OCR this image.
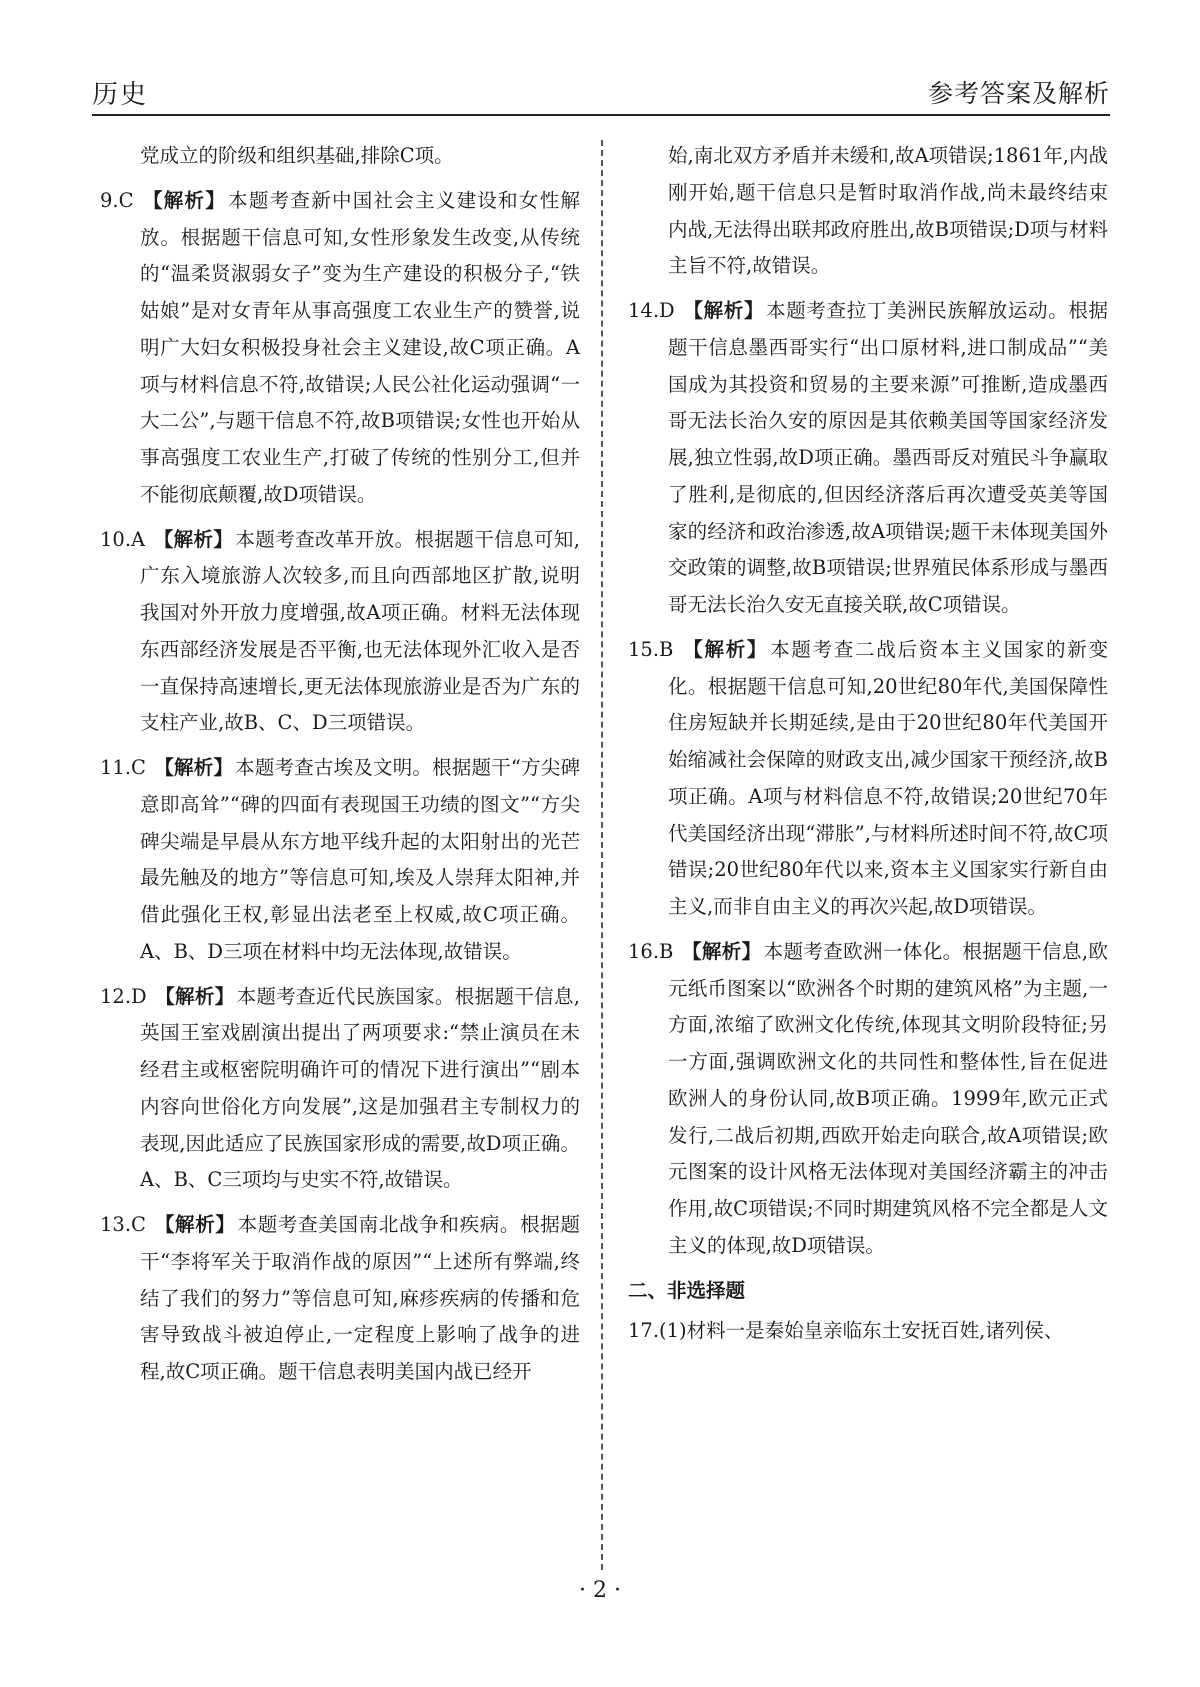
历史	参考答案及解析

党成立的阶级和组织基础,排除C项。

9.C 【解析】 本题考查新中国社会主义建设和女性解放。根据题干信息可知,女性形象发生改变,从传统的“温柔贤淑弱女子”变为生产建设的积极分子,“铁姑娘”是对女青年从事高强度工农业生产的赞誉,说明广大妇女积极投身社会主义建设,故C项正确。A项与材料信息不符,故错误;人民公社化运动强调“一大二公”,与题干信息不符,故B项错误;女性也开始从事高强度工农业生产,打破了传统的性别分工,但并不能彻底颠覆,故D项错误。

10.A 【解析】 本题考查改革开放。根据题干信息可知,广东入境旅游人次较多,而且向西部地区扩散,说明我国对外开放力度增强,故A项正确。材料无法体现东西部经济发展是否平衡,也无法体现外汇收入是否一直保持高速增长,更无法体现旅游业是否为广东的支柱产业,故B、C、D三项错误。

11.C 【解析】 本题考查古埃及文明。根据题干“方尖碑意即高耸”“碑的四面有表现国王功绩的图文”“方尖碑尖端是早晨从东方地平线升起的太阳射出的光芒最先触及的地方”等信息可知,埃及人崇拜太阳神,并借此强化王权,彰显出法老至上权威,故C项正确。A、B、D三项在材料中均无法体现,故错误。

12.D 【解析】 本题考查近代民族国家。根据题干信息,英国王室戏剧演出提出了两项要求:“禁止演员在未经君主或枢密院明确许可的情况下进行演出”“剧本内容向世俗化方向发展”,这是加强君主专制权力的表现,因此适应了民族国家形成的需要,故D项正确。A、B、C三项均与史实不符,故错误。

13.C 【解析】 本题考查美国南北战争和疾病。根据题干“李将军关于取消作战的原因”“上述所有弊端,终结了我们的努力”等信息可知,麻疹疾病的传播和危害导致战斗被迫停止,一定程度上影响了战争的进程,故C项正确。题干信息表明美国内战已经开

始,南北双方矛盾并未缓和,故A项错误;1861年,内战刚开始,题干信息只是暂时取消作战,尚未最终结束内战,无法得出联邦政府胜出,故B项错误;D项与材料主旨不符,故错误。

14.D 【解析】 本题考查拉丁美洲民族解放运动。根据题干信息墨西哥实行“出口原材料,进口制成品”“美国成为其投资和贸易的主要来源”可推断,造成墨西哥无法长治久安的原因是其依赖美国等国家经济发展,独立性弱,故D项正确。墨西哥反对殖民斗争赢取了胜利,是彻底的,但因经济落后再次遭受英美等国家的经济和政治渗透,故A项错误;题干未体现美国外交政策的调整,故B项错误;世界殖民体系形成与墨西哥无法长治久安无直接关联,故C项错误。

15.B 【解析】 本题考查二战后资本主义国家的新变化。根据题干信息可知,20世纪80年代,美国保障性住房短缺并长期延续,是由于20世纪80年代美国开始缩减社会保障的财政支出,减少国家干预经济,故B项正确。A项与材料信息不符,故错误;20世纪70年代美国经济出现“滞胀”,与材料所述时间不符,故C项错误;20世纪80年代以来,资本主义国家实行新自由主义,而非自由主义的再次兴起,故D项错误。

16.B 【解析】 本题考查欧洲一体化。根据题干信息,欧元纸币图案以“欧洲各个时期的建筑风格”为主题,一方面,浓缩了欧洲文化传统,体现其文明阶段特征;另一方面,强调欧洲文化的共同性和整体性,旨在促进欧洲人的身份认同,故B项正确。1999年,欧元正式发行,二战后初期,西欧开始走向联合,故A项错误;欧元图案的设计风格无法体现对美国经济霸主的冲击作用,故C项错误;不同时期建筑风格不完全都是人文主义的体现,故D项错误。

二、非选择题

17.(1)材料一是秦始皇亲临东土安抚百姓,诸列侯、

· 2 ·
